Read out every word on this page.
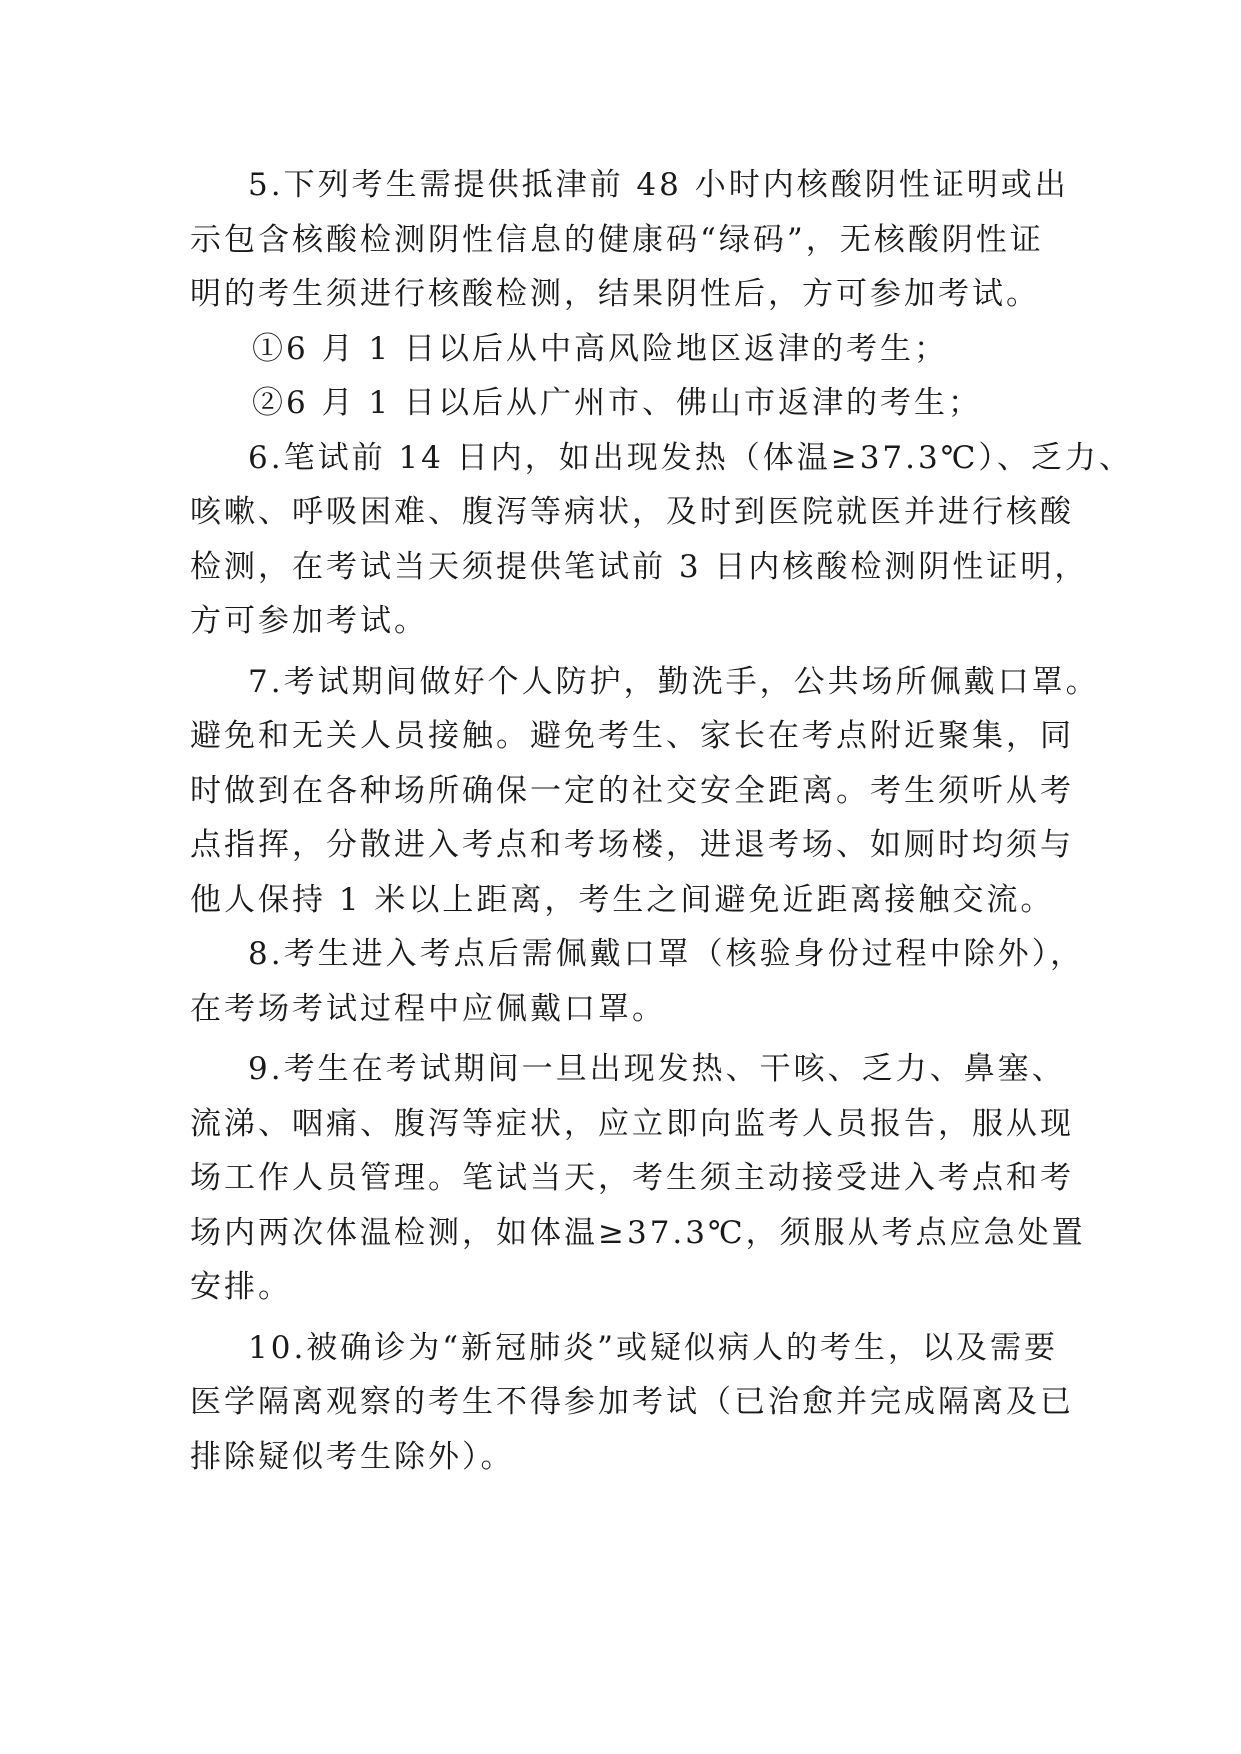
5.下列考生需提供抵津前 48 小时内核酸阴性证明或出
示包含核酸检测阴性信息的健康码“绿码”，无核酸阴性证
明的考生须进行核酸检测，结果阴性后，方可参加考试。
①6 月 1 日以后从中高风险地区返津的考生；
②6 月 1 日以后从广州市、佛山市返津的考生；
6.笔试前 14 日内，如出现发热（体温≥37.3℃）、乏力、
咳嗽、呼吸困难、腹泻等病状，及时到医院就医并进行核酸
检测，在考试当天须提供笔试前 3 日内核酸检测阴性证明，
方可参加考试。
7.考试期间做好个人防护，勤洗手，公共场所佩戴口罩。
避免和无关人员接触。避免考生、家长在考点附近聚集，同
时做到在各种场所确保一定的社交安全距离。考生须听从考
点指挥，分散进入考点和考场楼，进退考场、如厕时均须与
他人保持 1 米以上距离，考生之间避免近距离接触交流。
8.考生进入考点后需佩戴口罩（核验身份过程中除外），
在考场考试过程中应佩戴口罩。
9.考生在考试期间一旦出现发热、干咳、乏力、鼻塞、
流涕、咽痛、腹泻等症状，应立即向监考人员报告，服从现
场工作人员管理。笔试当天，考生须主动接受进入考点和考
场内两次体温检测，如体温≥37.3℃，须服从考点应急处置
安排。
10.被确诊为“新冠肺炎”或疑似病人的考生，以及需要
医学隔离观察的考生不得参加考试（已治愈并完成隔离及已
排除疑似考生除外）。
